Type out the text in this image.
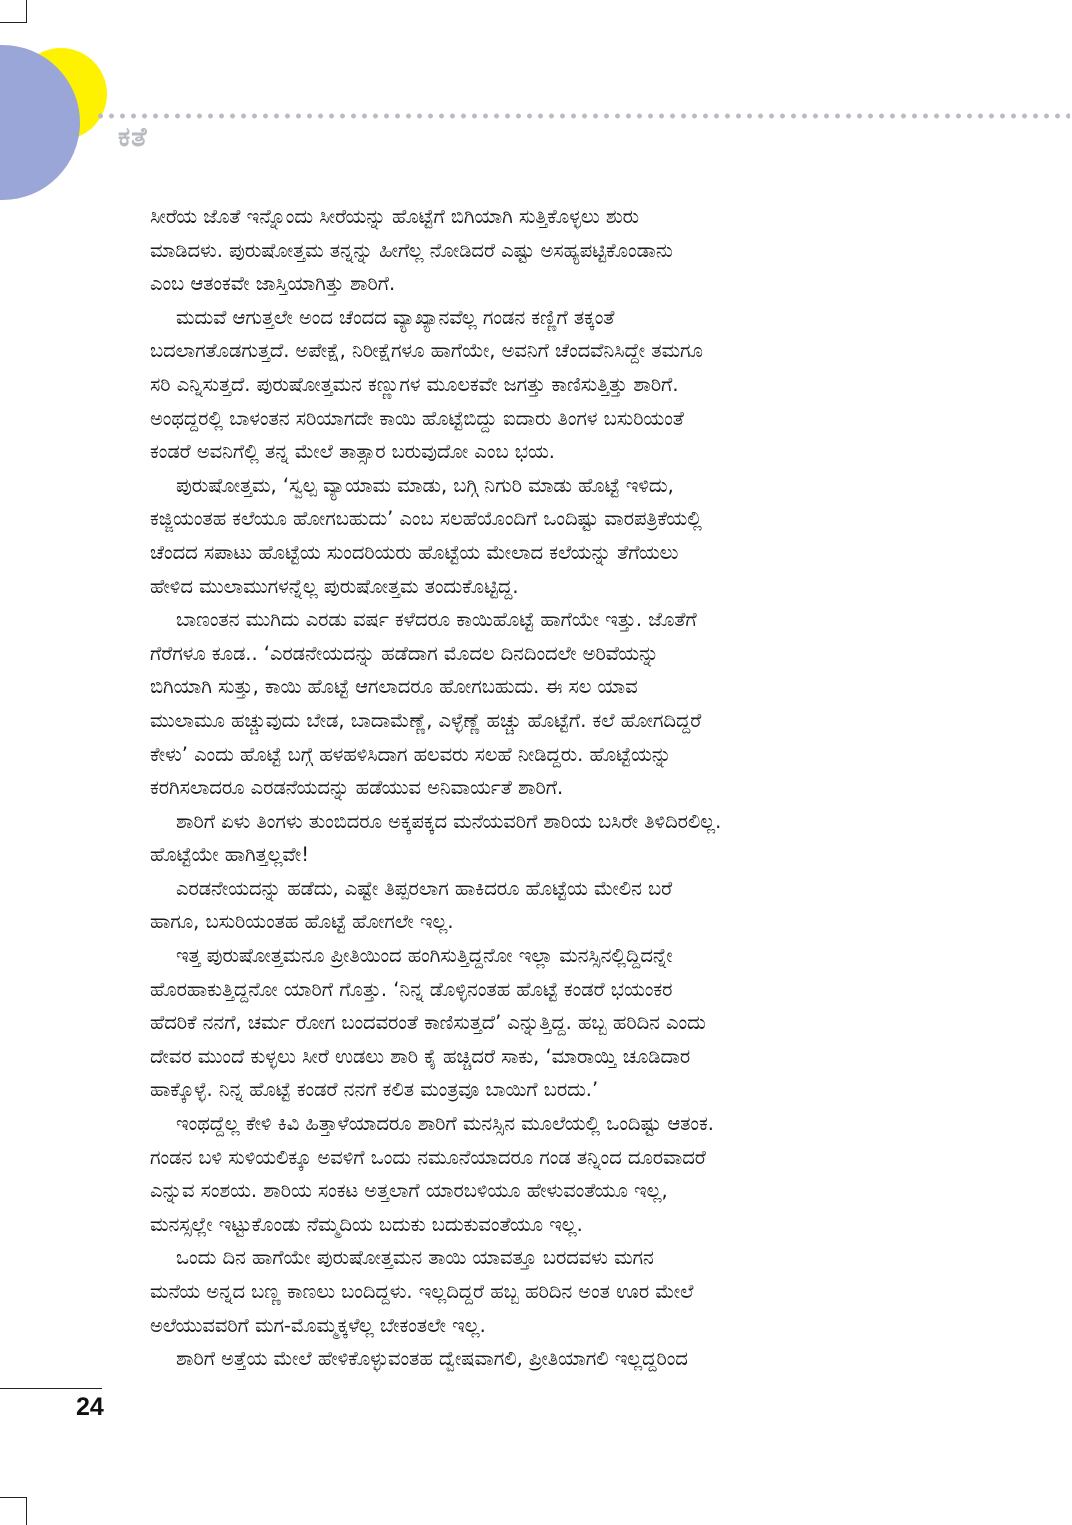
ಕತೆ
ಸೀರೆಯ ಜೊತೆ ಇನ್ನೊಂದು ಸೀರೆಯನ್ನು ಹೊಟ್ಟೆಗೆ ಬಿಗಿಯಾಗಿ ಸುತ್ತಿಕೊಳ್ಳಲು ಶುರು
ಮಾಡಿದಳು. ಪುರುಷೋತ್ತಮ ತನ್ನನ್ನು ಹೀಗೆಲ್ಲ ನೋಡಿದರೆ ಎಷ್ಟು ಅಸಹ್ಯಪಟ್ಟಿಕೊಂಡಾನು
ಎಂಬ ಆತಂಕವೇ ಜಾಸ್ತಿಯಾಗಿತ್ತು ಶಾರಿಗೆ.
ಮದುವೆ ಆಗುತ್ತಲೇ ಅಂದ ಚೆಂದದ ವ್ಯಾಖ್ಯಾನವೆಲ್ಲ ಗಂಡನ ಕಣ್ಣಿಗೆ ತಕ್ಕಂತೆ
ಬದಲಾಗತೊಡಗುತ್ತದೆ. ಅಪೇಕ್ಷೆ, ನಿರೀಕ್ಷೆಗಳೂ ಹಾಗೆಯೇ, ಅವನಿಗೆ ಚೆಂದವೆನಿಸಿದ್ದೇ ತಮಗೂ
ಸರಿ ಎನ್ನಿಸುತ್ತದೆ. ಪುರುಷೋತ್ತಮನ ಕಣ್ಣುಗಳ ಮೂಲಕವೇ ಜಗತ್ತು ಕಾಣಿಸುತ್ತಿತ್ತು ಶಾರಿಗೆ.
ಅಂಥದ್ದರಲ್ಲಿ ಬಾಳಂತನ ಸರಿಯಾಗದೇ ಕಾಯಿ ಹೊಟ್ಟೆಬಿದ್ದು ಐದಾರು ತಿಂಗಳ ಬಸುರಿಯಂತೆ
ಕಂಡರೆ ಅವನಿಗೆಲ್ಲಿ ತನ್ನ ಮೇಲೆ ತಾತ್ಸಾರ ಬರುವುದೋ ಎಂಬ ಭಯ.
ಪುರುಷೋತ್ತಮ, ‘ಸ್ವಲ್ಪ ವ್ಯಾಯಾಮ ಮಾಡು, ಬಗ್ಗಿ ನಿಗುರಿ ಮಾಡು ಹೊಟ್ಟೆ ಇಳಿದು,
ಕಜ್ಜಿಯಂತಹ ಕಲೆಯೂ ಹೋಗಬಹುದು’ ಎಂಬ ಸಲಹೆಯೊಂದಿಗೆ ಒಂದಿಷ್ಟು ವಾರಪತ್ರಿಕೆಯಲ್ಲಿ
ಚೆಂದದ ಸಪಾಟು ಹೊಟ್ಟೆಯ ಸುಂದರಿಯರು ಹೊಟ್ಟೆಯ ಮೇಲಾದ ಕಲೆಯನ್ನು ತೆಗೆಯಲು
ಹೇಳಿದ ಮುಲಾಮುಗಳನ್ನೆಲ್ಲ ಪುರುಷೋತ್ತಮ ತಂದುಕೊಟ್ಟಿದ್ದ.
ಬಾಣಂತನ ಮುಗಿದು ಎರಡು ವರ್ಷ ಕಳೆದರೂ ಕಾಯಿಹೊಟ್ಟೆ ಹಾಗೆಯೇ ಇತ್ತು. ಜೊತೆಗೆ
ಗೆರೆಗಳೂ ಕೂಡ.. ‘ಎರಡನೇಯದನ್ನು ಹಡೆದಾಗ ಮೊದಲ ದಿನದಿಂದಲೇ ಅರಿವೆಯನ್ನು
ಬಿಗಿಯಾಗಿ ಸುತ್ತು, ಕಾಯಿ ಹೊಟ್ಟೆ ಆಗಲಾದರೂ ಹೋಗಬಹುದು. ಈ ಸಲ ಯಾವ
ಮುಲಾಮೂ ಹಚ್ಚುವುದು ಬೇಡ, ಬಾದಾಮೆಣ್ಣೆ, ಎಳ್ಳೆಣ್ಣೆ ಹಚ್ಚು ಹೊಟ್ಟೆಗೆ. ಕಲೆ ಹೋಗದಿದ್ದರೆ
ಕೇಳು’ ಎಂದು ಹೊಟ್ಟೆ ಬಗ್ಗೆ ಹಳಹಳಿಸಿದಾಗ ಹಲವರು ಸಲಹೆ ನೀಡಿದ್ದರು. ಹೊಟ್ಟೆಯನ್ನು
ಕರಗಿಸಲಾದರೂ ಎರಡನೆಯದನ್ನು ಹಡೆಯುವ ಅನಿವಾರ್ಯತೆ ಶಾರಿಗೆ.
ಶಾರಿಗೆ ಏಳು ತಿಂಗಳು ತುಂಬಿದರೂ ಅಕ್ಕಪಕ್ಕದ ಮನೆಯವರಿಗೆ ಶಾರಿಯ ಬಸಿರೇ ತಿಳಿದಿರಲಿಲ್ಲ.
ಹೊಟ್ಟೆಯೇ ಹಾಗಿತ್ತಲ್ಲವೇ!
ಎರಡನೇಯದನ್ನು ಹಡೆದು, ಎಷ್ಟೇ ತಿಪ್ಪರಲಾಗ ಹಾಕಿದರೂ ಹೊಟ್ಟೆಯ ಮೇಲಿನ ಬರೆ
ಹಾಗೂ, ಬಸುರಿಯಂತಹ ಹೊಟ್ಟೆ ಹೋಗಲೇ ಇಲ್ಲ.
ಇತ್ತ ಪುರುಷೋತ್ತಮನೂ ಪ್ರೀತಿಯಿಂದ ಹಂಗಿಸುತ್ತಿದ್ದನೋ ಇಲ್ಲಾ ಮನಸ್ಸಿನಲ್ಲಿದ್ದಿದನ್ನೇ
ಹೊರಹಾಕುತ್ತಿದ್ದನೋ ಯಾರಿಗೆ ಗೊತ್ತು. ‘ನಿನ್ನ ಡೊಳ್ಳಿನಂತಹ ಹೊಟ್ಟೆ ಕಂಡರೆ ಭಯಂಕರ
ಹೆದರಿಕೆ ನನಗೆ, ಚರ್ಮ ರೋಗ ಬಂದವರಂತೆ ಕಾಣಿಸುತ್ತದೆ’ ಎನ್ನುತ್ತಿದ್ದ. ಹಬ್ಬ ಹರಿದಿನ ಎಂದು
ದೇವರ ಮುಂದೆ ಕುಳ್ಳಲು ಸೀರೆ ಉಡಲು ಶಾರಿ ಕೈ ಹಚ್ಚಿದರೆ ಸಾಕು, ‘ಮಾರಾಯ್ತಿ ಚೂಡಿದಾರ
ಹಾಕ್ಕೊಳ್ಳೆ. ನಿನ್ನ ಹೊಟ್ಟೆ ಕಂಡರೆ ನನಗೆ ಕಲಿತ ಮಂತ್ರವೂ ಬಾಯಿಗೆ ಬರದು.’
ಇಂಥದ್ದೆಲ್ಲ ಕೇಳಿ ಕಿವಿ ಹಿತ್ತಾಳೆಯಾದರೂ ಶಾರಿಗೆ ಮನಸ್ಸಿನ ಮೂಲೆಯಲ್ಲಿ ಒಂದಿಷ್ಟು ಆತಂಕ.
ಗಂಡನ ಬಳಿ ಸುಳಿಯಲಿಕ್ಕೂ ಅವಳಿಗೆ ಒಂದು ನಮೂನೆಯಾದರೂ ಗಂಡ ತನ್ನಿಂದ ದೂರವಾದರೆ
ಎನ್ನುವ ಸಂಶಯ. ಶಾರಿಯ ಸಂಕಟ ಅತ್ತಲಾಗೆ ಯಾರಬಳಿಯೂ ಹೇಳುವಂತೆಯೂ ಇಲ್ಲ,
ಮನಸ್ಸಲ್ಲೇ ಇಟ್ಟುಕೊಂಡು ನೆಮ್ಮದಿಯ ಬದುಕು ಬದುಕುವಂತೆಯೂ ಇಲ್ಲ.
ಒಂದು ದಿನ ಹಾಗೆಯೇ ಪುರುಷೋತ್ತಮನ ತಾಯಿ ಯಾವತ್ತೂ ಬರದವಳು ಮಗನ
ಮನೆಯ ಅನ್ನದ ಬಣ್ಣ ಕಾಣಲು ಬಂದಿದ್ದಳು. ಇಲ್ಲದಿದ್ದರೆ ಹಬ್ಬ ಹರಿದಿನ ಅಂತ ಊರ ಮೇಲೆ
ಅಲೆಯುವವರಿಗೆ ಮಗ-ಮೊಮ್ಮಕ್ಕಳೆಲ್ಲ ಬೇಕಂತಲೇ ಇಲ್ಲ.
ಶಾರಿಗೆ ಅತ್ತೆಯ ಮೇಲೆ ಹೇಳಿಕೊಳ್ಳುವಂತಹ ದ್ವೇಷವಾಗಲಿ, ಪ್ರೀತಿಯಾಗಲಿ ಇಲ್ಲದ್ದರಿಂದ
24
